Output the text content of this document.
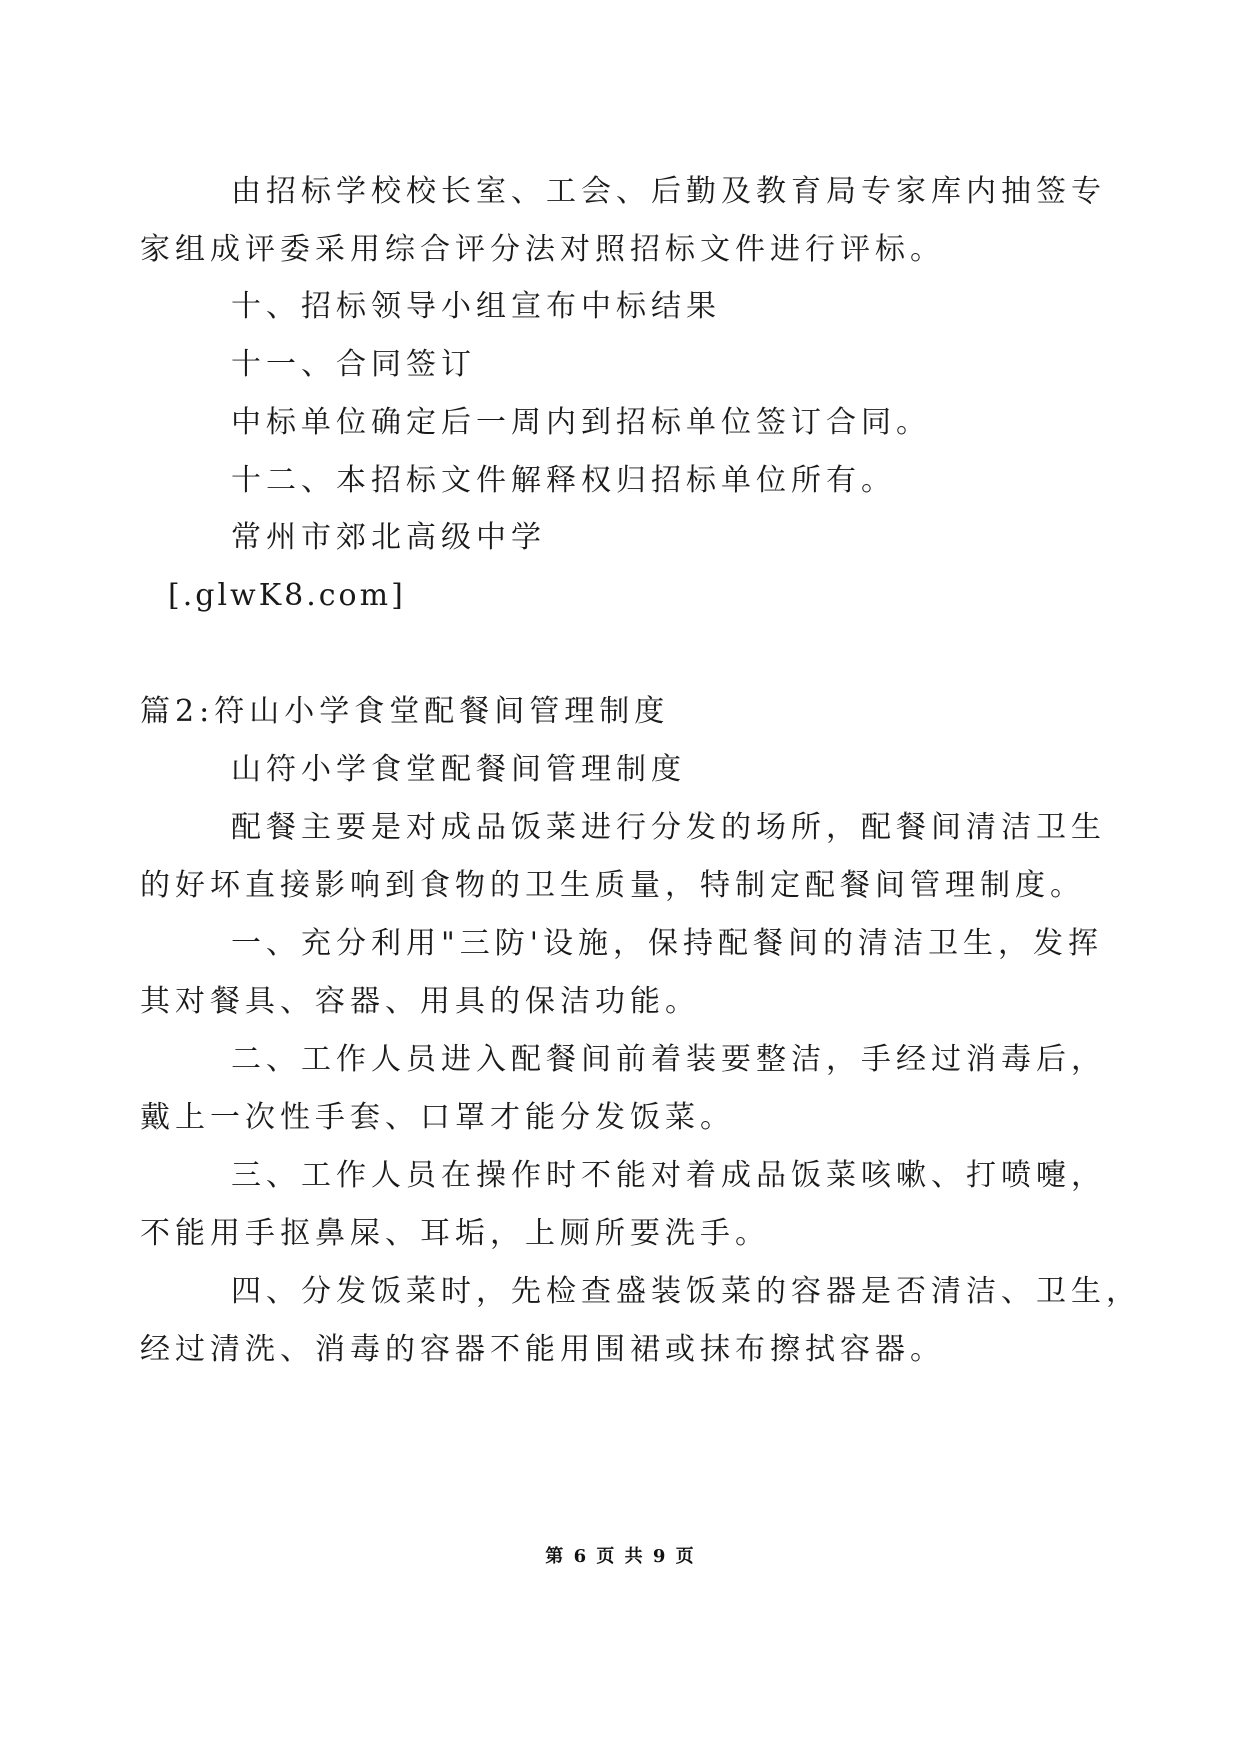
由招标学校校长室、工会、后勤及教育局专家库内抽签专
家组成评委采用综合评分法对照招标文件进行评标。
十、招标领导小组宣布中标结果
十一、合同签订
中标单位确定后一周内到招标单位签订合同。
十二、本招标文件解释权归招标单位所有。
常州市郊北高级中学
[.glwK8.com]
篇2:符山小学食堂配餐间管理制度
山符小学食堂配餐间管理制度
配餐主要是对成品饭菜进行分发的场所，配餐间清洁卫生
的好坏直接影响到食物的卫生质量，特制定配餐间管理制度。
一、充分利用"三防'设施，保持配餐间的清洁卫生，发挥
其对餐具、容器、用具的保洁功能。
二、工作人员进入配餐间前着装要整洁，手经过消毒后，
戴上一次性手套、口罩才能分发饭菜。
三、工作人员在操作时不能对着成品饭菜咳嗽、打喷嚏，
不能用手抠鼻屎、耳垢，上厕所要洗手。
四、分发饭菜时，先检查盛装饭菜的容器是否清洁、卫生，
经过清洗、消毒的容器不能用围裙或抹布擦拭容器。
第 6 页 共 9 页
